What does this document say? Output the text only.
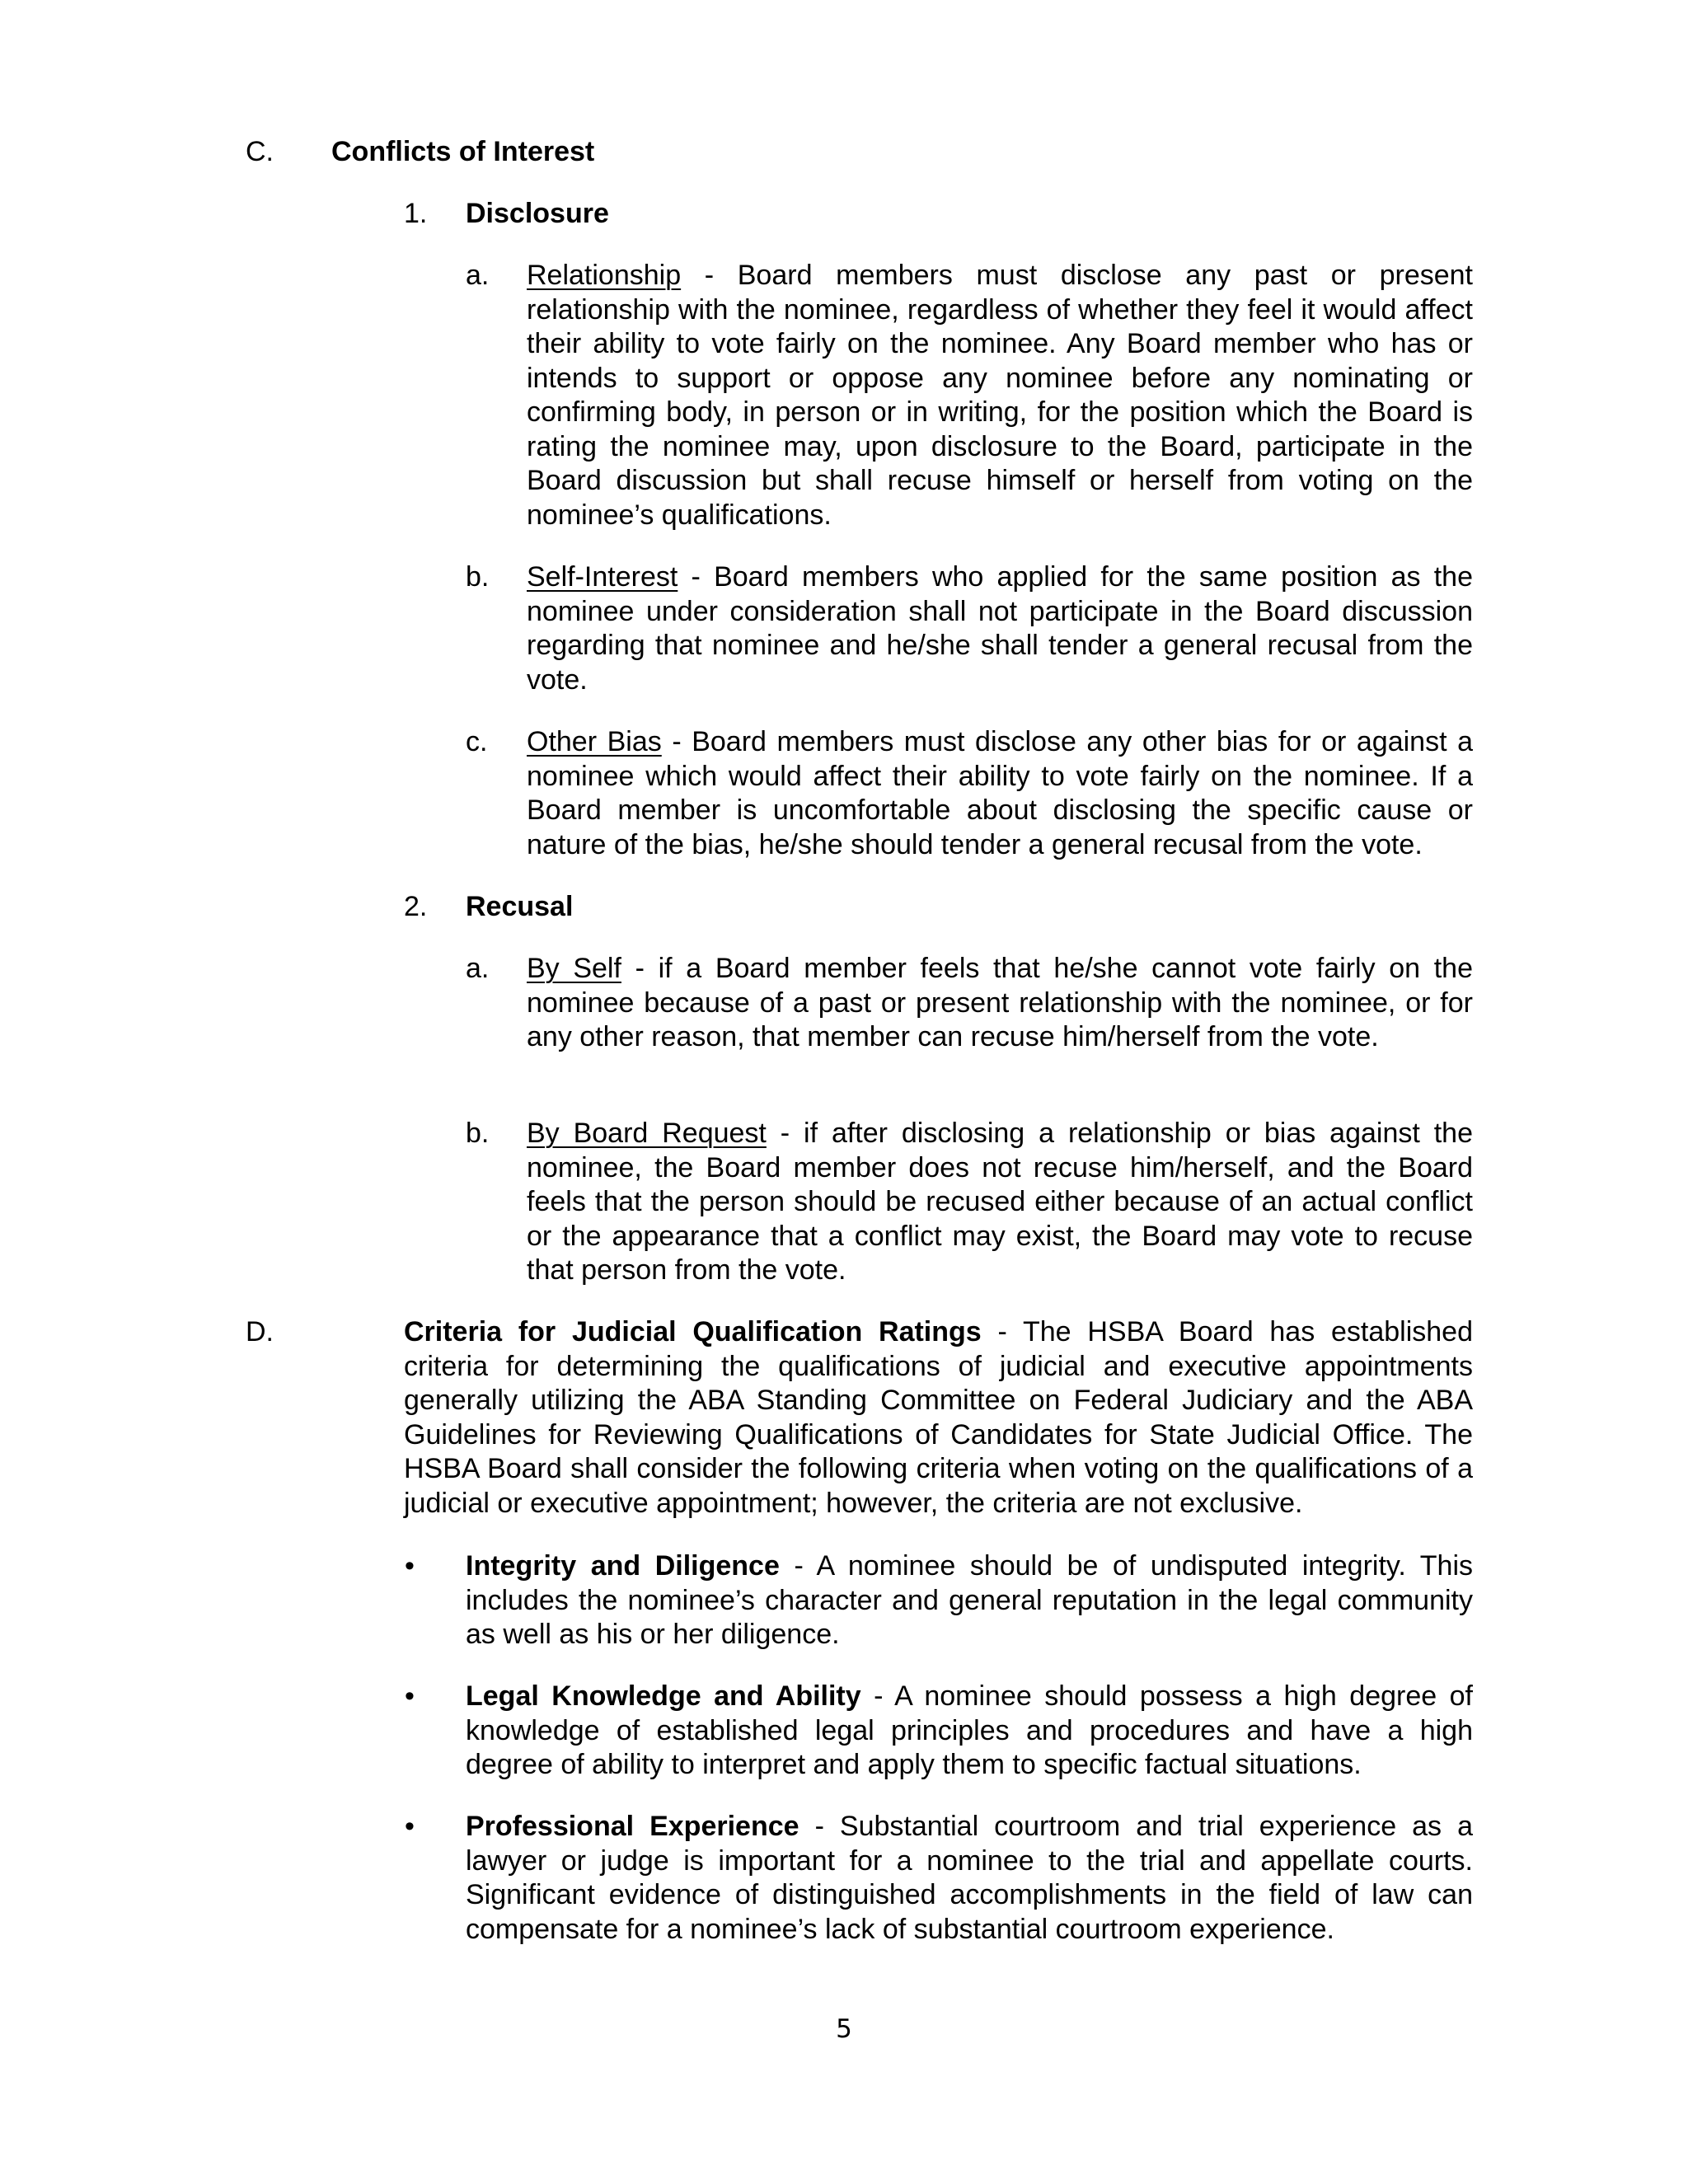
C. Conflicts of Interest
1. Disclosure
a. Relationship - Board members must disclose any past or present relationship with the nominee, regardless of whether they feel it would affect their ability to vote fairly on the nominee. Any Board member who has or intends to support or oppose any nominee before any nominating or confirming body, in person or in writing, for the position which the Board is rating the nominee may, upon disclosure to the Board, participate in the Board discussion but shall recuse himself or herself from voting on the nominee’s qualifications.
b. Self-Interest - Board members who applied for the same position as the nominee under consideration shall not participate in the Board discussion regarding that nominee and he/she shall tender a general recusal from the vote.
c. Other Bias - Board members must disclose any other bias for or against a nominee which would affect their ability to vote fairly on the nominee. If a Board member is uncomfortable about disclosing the specific cause or nature of the bias, he/she should tender a general recusal from the vote.
2. Recusal
a. By Self - if a Board member feels that he/she cannot vote fairly on the nominee because of a past or present relationship with the nominee, or for any other reason, that member can recuse him/herself from the vote.
b. By Board Request - if after disclosing a relationship or bias against the nominee, the Board member does not recuse him/herself, and the Board feels that the person should be recused either because of an actual conflict or the appearance that a conflict may exist, the Board may vote to recuse that person from the vote.
D.	Criteria for Judicial Qualification Ratings - The HSBA Board has established criteria for determining the qualifications of judicial and executive appointments generally utilizing the ABA Standing Committee on Federal Judiciary and the ABA Guidelines for Reviewing Qualifications of Candidates for State Judicial Office. The HSBA Board shall consider the following criteria when voting on the qualifications of a judicial or executive appointment; however, the criteria are not exclusive.
• Integrity and Diligence - A nominee should be of undisputed integrity. This includes the nominee’s character and general reputation in the legal community as well as his or her diligence.
• Legal Knowledge and Ability - A nominee should possess a high degree of knowledge of established legal principles and procedures and have a high degree of ability to interpret and apply them to specific factual situations.
• Professional Experience - Substantial courtroom and trial experience as a lawyer or judge is important for a nominee to the trial and appellate courts. Significant evidence of distinguished accomplishments in the field of law can compensate for a nominee’s lack of substantial courtroom experience.
5
